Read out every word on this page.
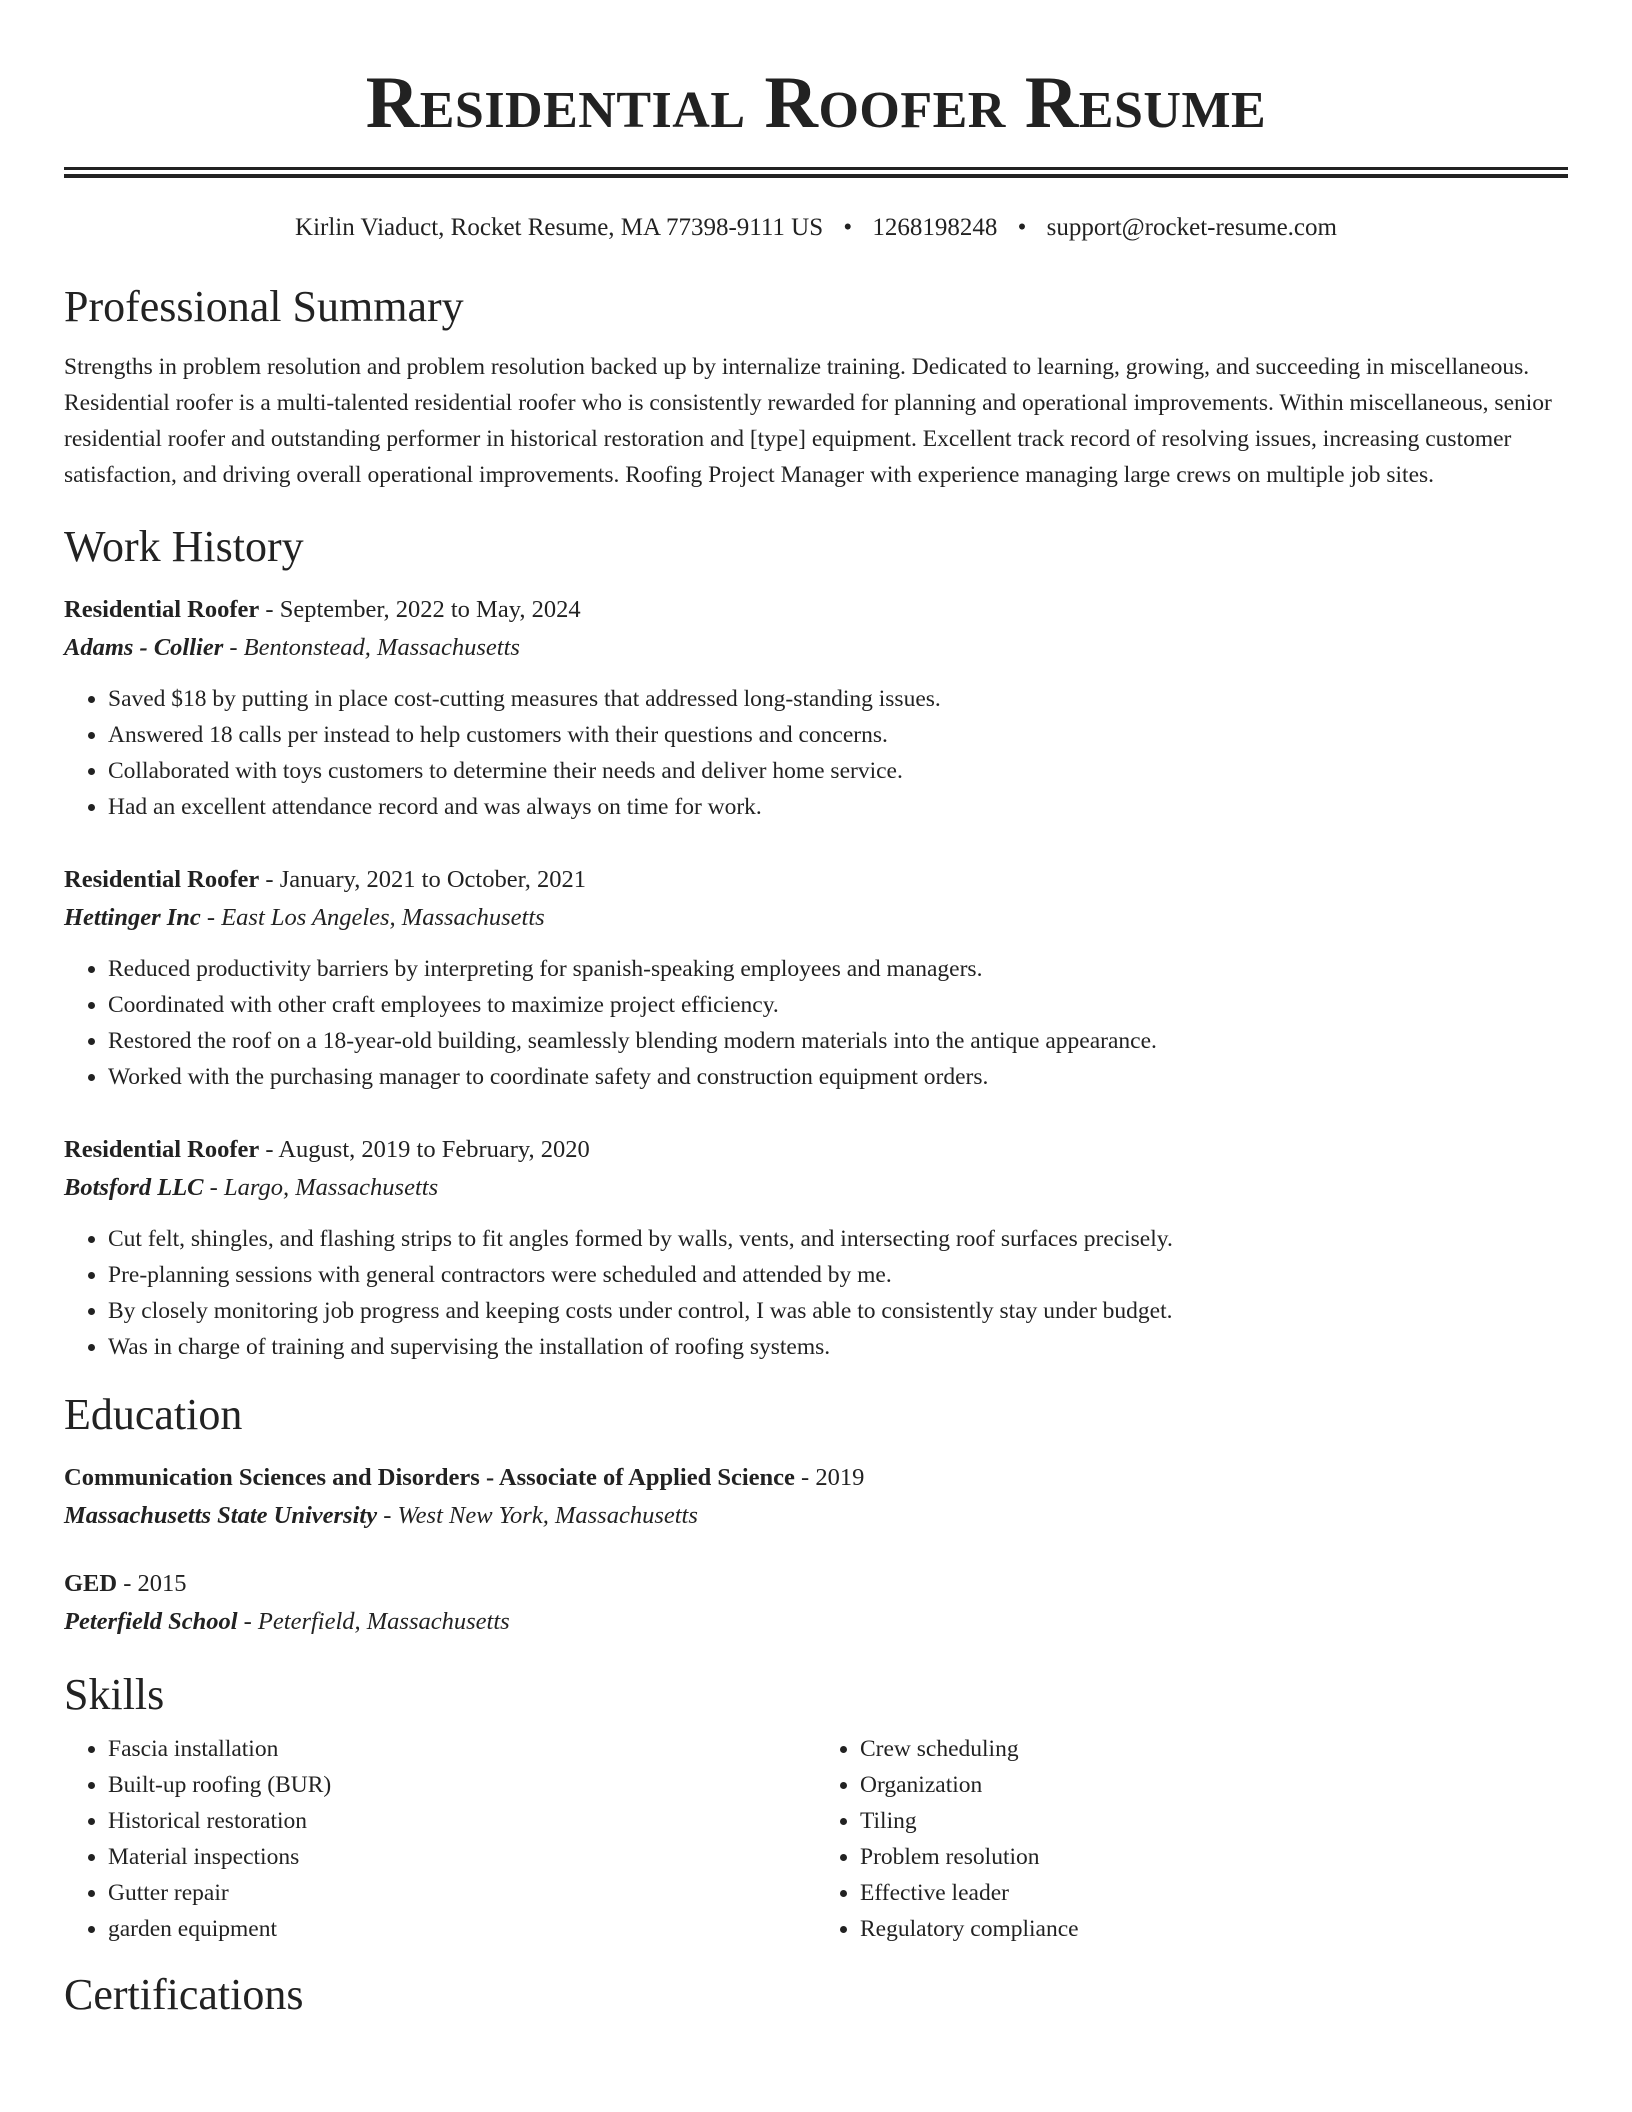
Residential Roofer Resume
Kirlin Viaduct, Rocket Resume, MA 77398-9111 US • 1268198248 • support@rocket-resume.com
Professional Summary
Strengths in problem resolution and problem resolution backed up by internalize training. Dedicated to learning, growing, and succeeding in miscellaneous. Residential roofer is a multi-talented residential roofer who is consistently rewarded for planning and operational improvements. Within miscellaneous, senior residential roofer and outstanding performer in historical restoration and [type] equipment. Excellent track record of resolving issues, increasing customer satisfaction, and driving overall operational improvements. Roofing Project Manager with experience managing large crews on multiple job sites.
Work History
Residential Roofer - September, 2022 to May, 2024
Adams - Collier - Bentonstead, Massachusetts
• Saved $18 by putting in place cost-cutting measures that addressed long-standing issues.
• Answered 18 calls per instead to help customers with their questions and concerns.
• Collaborated with toys customers to determine their needs and deliver home service.
• Had an excellent attendance record and was always on time for work.
Residential Roofer - January, 2021 to October, 2021
Hettinger Inc - East Los Angeles, Massachusetts
• Reduced productivity barriers by interpreting for spanish-speaking employees and managers.
• Coordinated with other craft employees to maximize project efficiency.
• Restored the roof on a 18-year-old building, seamlessly blending modern materials into the antique appearance.
• Worked with the purchasing manager to coordinate safety and construction equipment orders.
Residential Roofer - August, 2019 to February, 2020
Botsford LLC - Largo, Massachusetts
• Cut felt, shingles, and flashing strips to fit angles formed by walls, vents, and intersecting roof surfaces precisely.
• Pre-planning sessions with general contractors were scheduled and attended by me.
• By closely monitoring job progress and keeping costs under control, I was able to consistently stay under budget.
• Was in charge of training and supervising the installation of roofing systems.
Education
Communication Sciences and Disorders - Associate of Applied Science - 2019
Massachusetts State University - West New York, Massachusetts
GED - 2015
Peterfield School - Peterfield, Massachusetts
Skills
• Fascia installation
• Built-up roofing (BUR)
• Historical restoration
• Material inspections
• Gutter repair
• garden equipment
• Crew scheduling
• Organization
• Tiling
• Problem resolution
• Effective leader
• Regulatory compliance
Certifications
